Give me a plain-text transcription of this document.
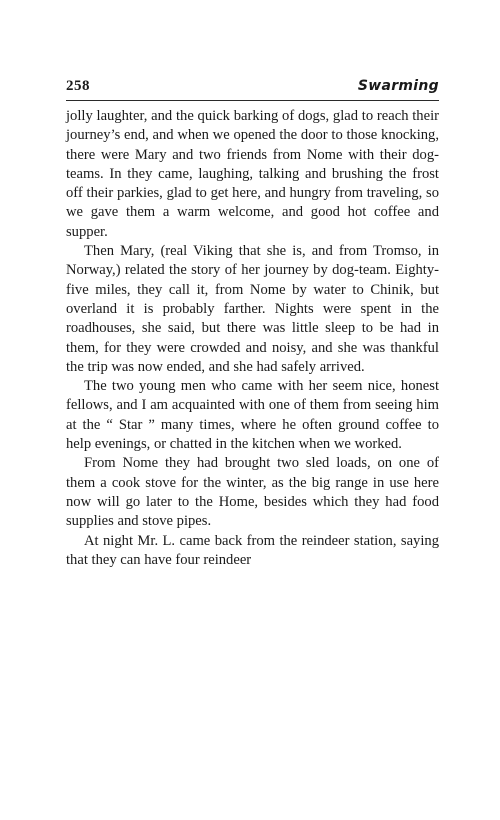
258	Swarming

jolly laughter, and the quick barking of dogs, glad to reach their journey’s end, and when we opened the door to those knocking, there were Mary and two friends from Nome with their dog-teams. In they came, laughing, talking and brushing the frost off their parkies, glad to get here, and hungry from traveling, so we gave them a warm welcome, and good hot coffee and supper.

Then Mary, (real Viking that she is, and from Tromso, in Norway,) related the story of her journey by dog-team. Eighty-five miles, they call it, from Nome by water to Chinik, but overland it is probably farther. Nights were spent in the roadhouses, she said, but there was little sleep to be had in them, for they were crowded and noisy, and she was thankful the trip was now ended, and she had safely arrived.

The two young men who came with her seem nice, honest fellows, and I am acquainted with one of them from seeing him at the “ Star ” many times, where he often ground coffee to help evenings, or chatted in the kitchen when we worked.

From Nome they had brought two sled loads, on one of them a cook stove for the winter, as the big range in use here now will go later to the Home, besides which they had food supplies and stove pipes.

At night Mr. L. came back from the reindeer station, saying that they can have four reindeer
